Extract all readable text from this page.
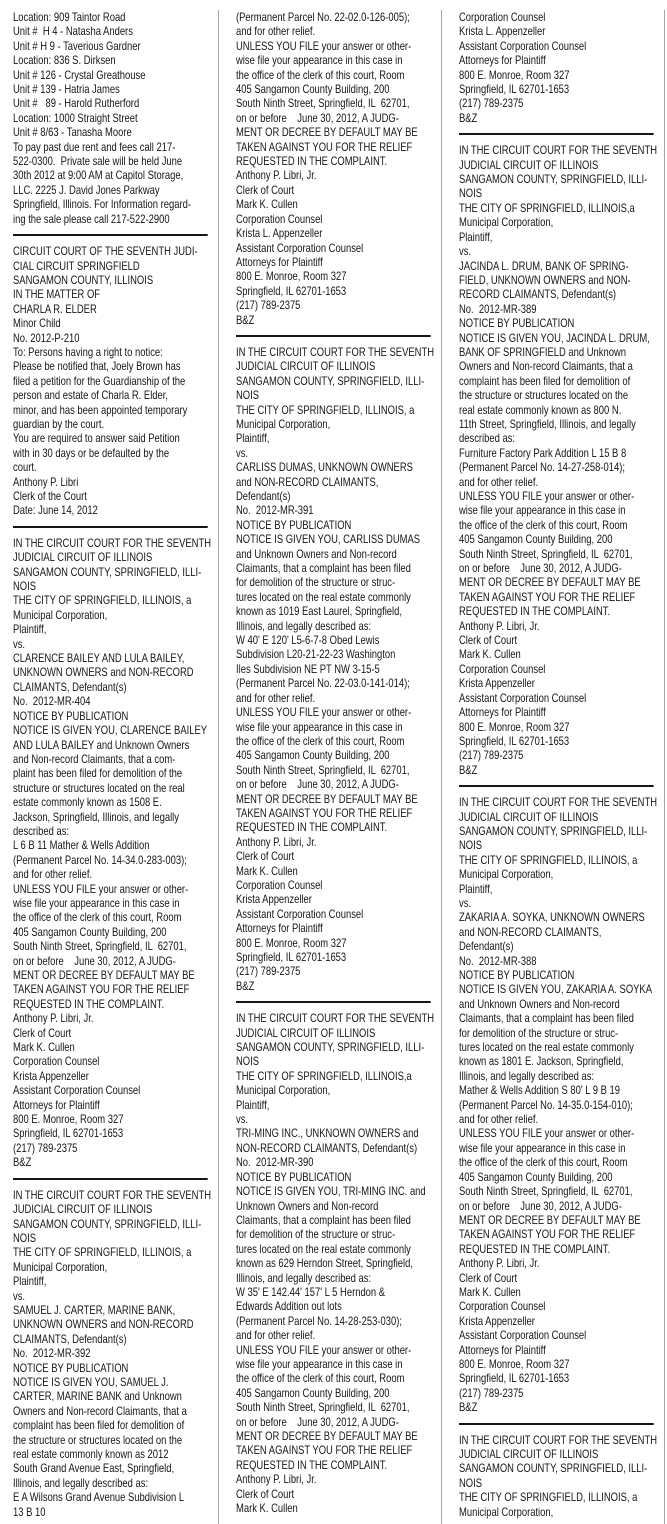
Location: 909 Taintor Road
Unit #  H 4 - Natasha Anders
Unit # H 9 - Taverious Gardner
Location: 836 S. Dirksen
Unit # 126 - Crystal Greathouse
Unit # 139 - Hatria James
Unit #   89 - Harold Rutherford
Location: 1000 Straight Street
Unit # 8/63 - Tanasha Moore
To pay past due rent and fees call 217-
522-0300.  Private sale will be held June
30th 2012 at 9:00 AM at Capitol Storage,
LLC. 2225 J. David Jones Parkway
Springfield, Illinois. For Information regard-
ing the sale please call 217-522-2900
CIRCUIT COURT OF THE SEVENTH JUDI-
CIAL CIRCUIT SPRINGFIELD
SANGAMON COUNTY, ILLINOIS
IN THE MATTER OF
CHARLA R. ELDER
Minor Child
No. 2012-P-210
To: Persons having a right to notice:
Please be notified that, Joely Brown has
filed a petition for the Guardianship of the
person and estate of Charla R. Elder,
minor, and has been appointed temporary
guardian by the court.
You are required to answer said Petition
with in 30 days or be defaulted by the
court.
Anthony P. Libri
Clerk of the Court
Date: June 14, 2012
IN THE CIRCUIT COURT FOR THE SEVENTH
JUDICIAL CIRCUIT OF ILLINOIS
SANGAMON COUNTY, SPRINGFIELD, ILLI-
NOIS
THE CITY OF SPRINGFIELD, ILLINOIS, a
Municipal Corporation,
Plaintiff,
vs.
CLARENCE BAILEY AND LULA BAILEY,
UNKNOWN OWNERS and NON-RECORD
CLAIMANTS, Defendant(s)
No.  2012-MR-404
NOTICE BY PUBLICATION
NOTICE IS GIVEN YOU, CLARENCE BAILEY
AND LULA BAILEY and Unknown Owners
and Non-record Claimants, that a com-
plaint has been filed for demolition of the
structure or structures located on the real
estate commonly known as 1508 E.
Jackson, Springfield, Illinois, and legally
described as:
L 6 B 11 Mather & Wells Addition
(Permanent Parcel No. 14-34.0-283-003);
and for other relief.
UNLESS YOU FILE your answer or other-
wise file your appearance in this case in
the office of the clerk of this court, Room
405 Sangamon County Building, 200
South Ninth Street, Springfield, IL  62701,
on or before    June 30, 2012, A JUDG-
MENT OR DECREE BY DEFAULT MAY BE
TAKEN AGAINST YOU FOR THE RELIEF
REQUESTED IN THE COMPLAINT.
Anthony P. Libri, Jr.
Clerk of Court
Mark K. Cullen
Corporation Counsel
Krista Appenzeller
Assistant Corporation Counsel
Attorneys for Plaintiff
800 E. Monroe, Room 327
Springfield, IL 62701-1653
(217) 789-2375
B&Z
IN THE CIRCUIT COURT FOR THE SEVENTH
JUDICIAL CIRCUIT OF ILLINOIS
SANGAMON COUNTY, SPRINGFIELD, ILLI-
NOIS
THE CITY OF SPRINGFIELD, ILLINOIS, a
Municipal Corporation,
Plaintiff,
vs.
SAMUEL J. CARTER, MARINE BANK,
UNKNOWN OWNERS and NON-RECORD
CLAIMANTS, Defendant(s)
No.  2012-MR-392
NOTICE BY PUBLICATION
NOTICE IS GIVEN YOU, SAMUEL J.
CARTER, MARINE BANK and Unknown
Owners and Non-record Claimants, that a
complaint has been filed for demolition of
the structure or structures located on the
real estate commonly known as 2012
South Grand Avenue East, Springfield,
Illinois, and legally described as:
E A Wilsons Grand Avenue Subdivision L
13 B 10
(Permanent Parcel No. 22-02.0-126-005);
and for other relief.
UNLESS YOU FILE your answer or other-
wise file your appearance in this case in
the office of the clerk of this court, Room
405 Sangamon County Building, 200
South Ninth Street, Springfield, IL  62701,
on or before    June 30, 2012, A JUDG-
MENT OR DECREE BY DEFAULT MAY BE
TAKEN AGAINST YOU FOR THE RELIEF
REQUESTED IN THE COMPLAINT.
Anthony P. Libri, Jr.
Clerk of Court
Mark K. Cullen
Corporation Counsel
Krista L. Appenzeller
Assistant Corporation Counsel
Attorneys for Plaintiff
800 E. Monroe, Room 327
Springfield, IL 62701-1653
(217) 789-2375
B&Z
IN THE CIRCUIT COURT FOR THE SEVENTH
JUDICIAL CIRCUIT OF ILLINOIS
SANGAMON COUNTY, SPRINGFIELD, ILLI-
NOIS
THE CITY OF SPRINGFIELD, ILLINOIS, a
Municipal Corporation,
Plaintiff,
vs.
CARLISS DUMAS, UNKNOWN OWNERS
and NON-RECORD CLAIMANTS,
Defendant(s)
No.  2012-MR-391
NOTICE BY PUBLICATION
NOTICE IS GIVEN YOU, CARLISS DUMAS
and Unknown Owners and Non-record
Claimants, that a complaint has been filed
for demolition of the structure or struc-
tures located on the real estate commonly
known as 1019 East Laurel, Springfield,
Illinois, and legally described as:
W 40' E 120' L5-6-7-8 Obed Lewis
Subdivision L20-21-22-23 Washington
Iles Subdivision NE PT NW 3-15-5
(Permanent Parcel No. 22-03.0-141-014);
and for other relief.
UNLESS YOU FILE your answer or other-
wise file your appearance in this case in
the office of the clerk of this court, Room
405 Sangamon County Building, 200
South Ninth Street, Springfield, IL  62701,
on or before    June 30, 2012, A JUDG-
MENT OR DECREE BY DEFAULT MAY BE
TAKEN AGAINST YOU FOR THE RELIEF
REQUESTED IN THE COMPLAINT.
Anthony P. Libri, Jr.
Clerk of Court
Mark K. Cullen
Corporation Counsel
Krista Appenzeller
Assistant Corporation Counsel
Attorneys for Plaintiff
800 E. Monroe, Room 327
Springfield, IL 62701-1653
(217) 789-2375
B&Z
IN THE CIRCUIT COURT FOR THE SEVENTH
JUDICIAL CIRCUIT OF ILLINOIS
SANGAMON COUNTY, SPRINGFIELD, ILLI-
NOIS
THE CITY OF SPRINGFIELD, ILLINOIS,a
Municipal Corporation,
Plaintiff,
vs.
TRI-MING INC., UNKNOWN OWNERS and
NON-RECORD CLAIMANTS, Defendant(s)
No.  2012-MR-390
NOTICE BY PUBLICATION
NOTICE IS GIVEN YOU, TRI-MING INC. and
Unknown Owners and Non-record
Claimants, that a complaint has been filed
for demolition of the structure or struc-
tures located on the real estate commonly
known as 629 Herndon Street, Springfield,
Illinois, and legally described as:
W 35' E 142.44' 157' L 5 Herndon &
Edwards Addition out lots
(Permanent Parcel No. 14-28-253-030);
and for other relief.
UNLESS YOU FILE your answer or other-
wise file your appearance in this case in
the office of the clerk of this court, Room
405 Sangamon County Building, 200
South Ninth Street, Springfield, IL  62701,
on or before    June 30, 2012, A JUDG-
MENT OR DECREE BY DEFAULT MAY BE
TAKEN AGAINST YOU FOR THE RELIEF
REQUESTED IN THE COMPLAINT.
Anthony P. Libri, Jr.
Clerk of Court
Mark K. Cullen
Corporation Counsel
Krista L. Appenzeller
Assistant Corporation Counsel
Attorneys for Plaintiff
800 E. Monroe, Room 327
Springfield, IL 62701-1653
(217) 789-2375
B&Z
IN THE CIRCUIT COURT FOR THE SEVENTH
JUDICIAL CIRCUIT OF ILLINOIS
SANGAMON COUNTY, SPRINGFIELD, ILLI-
NOIS
THE CITY OF SPRINGFIELD, ILLINOIS,a
Municipal Corporation,
Plaintiff,
vs.
JACINDA L. DRUM, BANK OF SPRING-
FIELD, UNKNOWN OWNERS and NON-
RECORD CLAIMANTS, Defendant(s)
No.  2012-MR-389
NOTICE BY PUBLICATION
NOTICE IS GIVEN YOU, JACINDA L. DRUM,
BANK OF SPRINGFIELD and Unknown
Owners and Non-record Claimants, that a
complaint has been filed for demolition of
the structure or structures located on the
real estate commonly known as 800 N.
11th Street, Springfield, Illinois, and legally
described as:
Furniture Factory Park Addition L 15 B 8
(Permanent Parcel No. 14-27-258-014);
and for other relief.
UNLESS YOU FILE your answer or other-
wise file your appearance in this case in
the office of the clerk of this court, Room
405 Sangamon County Building, 200
South Ninth Street, Springfield, IL  62701,
on or before    June 30, 2012, A JUDG-
MENT OR DECREE BY DEFAULT MAY BE
TAKEN AGAINST YOU FOR THE RELIEF
REQUESTED IN THE COMPLAINT.
Anthony P. Libri, Jr.
Clerk of Court
Mark K. Cullen
Corporation Counsel
Krista Appenzeller
Assistant Corporation Counsel
Attorneys for Plaintiff
800 E. Monroe, Room 327
Springfield, IL 62701-1653
(217) 789-2375
B&Z
IN THE CIRCUIT COURT FOR THE SEVENTH
JUDICIAL CIRCUIT OF ILLINOIS
SANGAMON COUNTY, SPRINGFIELD, ILLI-
NOIS
THE CITY OF SPRINGFIELD, ILLINOIS, a
Municipal Corporation,
Plaintiff,
vs.
ZAKARIA A. SOYKA, UNKNOWN OWNERS
and NON-RECORD CLAIMANTS,
Defendant(s)
No.  2012-MR-388
NOTICE BY PUBLICATION
NOTICE IS GIVEN YOU, ZAKARIA A. SOYKA
and Unknown Owners and Non-record
Claimants, that a complaint has been filed
for demolition of the structure or struc-
tures located on the real estate commonly
known as 1801 E. Jackson, Springfield,
Illinois, and legally described as:
Mather & Wells Addition S 80' L 9 B 19
(Permanent Parcel No. 14-35.0-154-010);
and for other relief.
UNLESS YOU FILE your answer or other-
wise file your appearance in this case in
the office of the clerk of this court, Room
405 Sangamon County Building, 200
South Ninth Street, Springfield, IL  62701,
on or before    June 30, 2012, A JUDG-
MENT OR DECREE BY DEFAULT MAY BE
TAKEN AGAINST YOU FOR THE RELIEF
REQUESTED IN THE COMPLAINT.
Anthony P. Libri, Jr.
Clerk of Court
Mark K. Cullen
Corporation Counsel
Krista Appenzeller
Assistant Corporation Counsel
Attorneys for Plaintiff
800 E. Monroe, Room 327
Springfield, IL 62701-1653
(217) 789-2375
B&Z
IN THE CIRCUIT COURT FOR THE SEVENTH
JUDICIAL CIRCUIT OF ILLINOIS
SANGAMON COUNTY, SPRINGFIELD, ILLI-
NOIS
THE CITY OF SPRINGFIELD, ILLINOIS, a
Municipal Corporation,
